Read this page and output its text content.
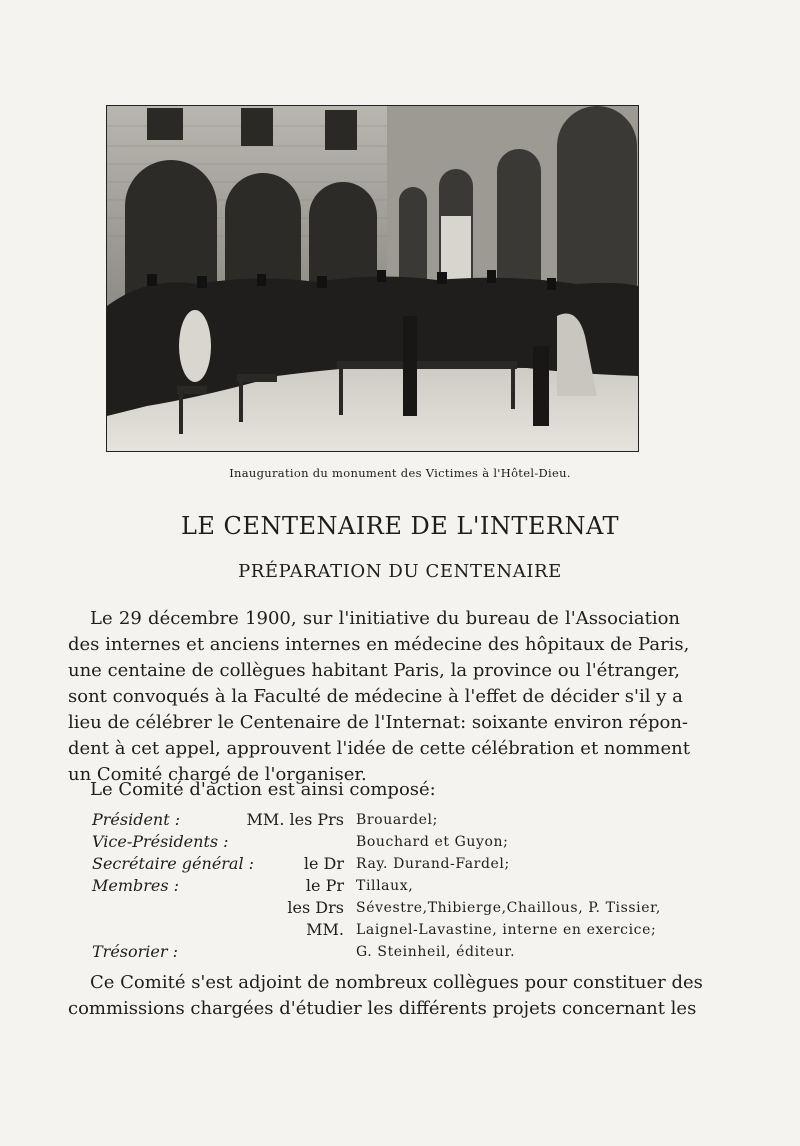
Inauguration du monument des Victimes à l'Hôtel-Dieu.
LE CENTENAIRE DE L'INTERNAT
PRÉPARATION DU CENTENAIRE
Le 29 décembre 1900, sur l'initiative du bureau de l'Association
des internes et anciens internes en médecine des hôpitaux de Paris,
une centaine de collègues habitant Paris, la province ou l'étranger,
sont convoqués à la Faculté de médecine à l'effet de décider s'il y a
lieu de célébrer le Centenaire de l'Internat: soixante environ répon-
dent à cet appel, approuvent l'idée de cette célébration et nomment
un Comité chargé de l'organiser.
Le Comité d'action est ainsi composé:
Président :	MM. les Prs Brouardel;
Vice-Présidents :	Bouchard et Guyon;
Secrétaire général :	le Dr Ray. Durand-Fardel;
Membres :	le Pr Tillaux,
les Drs Sévestre,Thibierge,Chaillous, P. Tissier,
MM. Laignel-Lavastine, interne en exercice;
Trésorier :	G. Steinheil, éditeur.
Ce Comité s'est adjoint de nombreux collègues pour constituer des
commissions chargées d'étudier les différents projets concernant les
